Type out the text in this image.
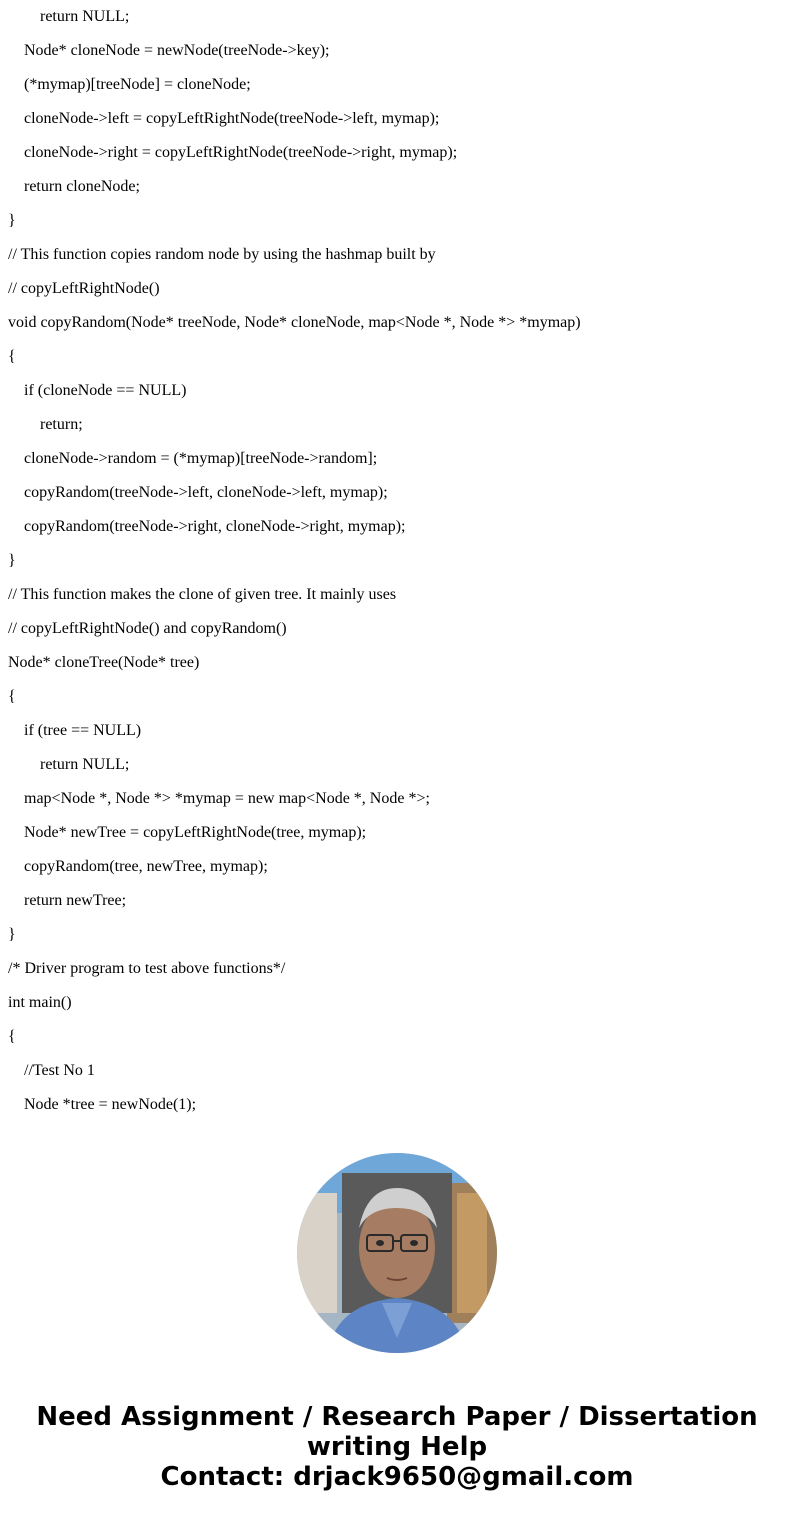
return NULL;
Node* cloneNode = newNode(treeNode->key);
(*mymap)[treeNode] = cloneNode;
cloneNode->left = copyLeftRightNode(treeNode->left, mymap);
cloneNode->right = copyLeftRightNode(treeNode->right, mymap);
return cloneNode;
}
// This function copies random node by using the hashmap built by
// copyLeftRightNode()
void copyRandom(Node* treeNode, Node* cloneNode, map<Node *, Node *> *mymap)
{
if (cloneNode == NULL)
return;
cloneNode->random = (*mymap)[treeNode->random];
copyRandom(treeNode->left, cloneNode->left, mymap);
copyRandom(treeNode->right, cloneNode->right, mymap);
}
// This function makes the clone of given tree. It mainly uses
// copyLeftRightNode() and copyRandom()
Node* cloneTree(Node* tree)
{
if (tree == NULL)
return NULL;
map<Node *, Node *> *mymap = new map<Node *, Node *>;
Node* newTree = copyLeftRightNode(tree, mymap);
copyRandom(tree, newTree, mymap);
return newTree;
}
/* Driver program to test above functions*/
int main()
{
//Test No 1
Node *tree = newNode(1);
Need Assignment / Research Paper / Dissertation
writing Help
Contact: drjack9650@gmail.com
